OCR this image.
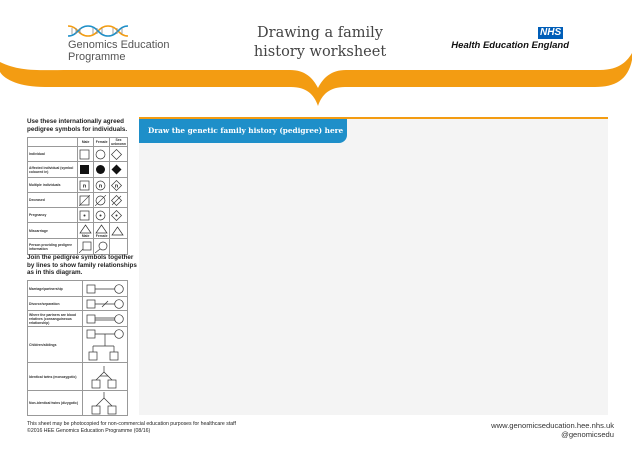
Genomics Education
Programme
Drawing a family
history worksheet
NHS
Health Education England
Use these internationally agreed pedigree symbols for individuals.
	Male	Female	Sex unknown
Individual	

Affected individual (symbol coloured in)	

Multiple individuals	n	n	n

Deceased	

Pregnancy	

Miscarriage	Male	Female

Person providing pedigree information	

Join the pedigree symbols together by lines to show family relationships as in this diagram.
Marriage/partnership	

Divorce/separation	

Where the partners are blood relatives (consanguineous relationship)	

Children/siblings	

Identical twins (monozygotic)	

Non-identical twins (dizygotic)	
Draw the genetic family history (pedigree) here
This sheet may be photocopied for non-commercial education purposes for healthcare staff
©2016 HEE Genomics Education Programme (08/16)
www.genomicseducation.hee.nhs.uk
@genomicsedu
